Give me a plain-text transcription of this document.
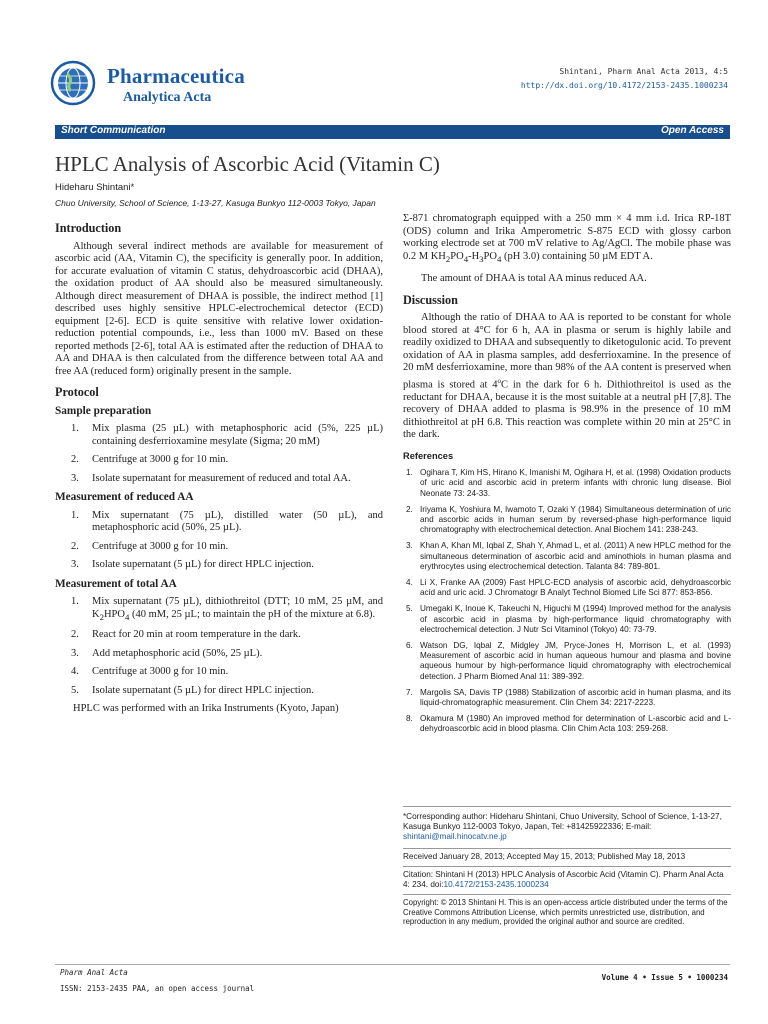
Pharmaceutica
Analytica Acta
Shintani, Pharm Anal Acta 2013, 4:5
http://dx.doi.org/10.4172/2153-2435.1000234
Short Communication	Open Access
HPLC Analysis of Ascorbic Acid (Vitamin C)
Hideharu Shintani*
Chuo University, School of Science, 1-13-27, Kasuga Bunkyo 112-0003 Tokyo, Japan
Introduction

Although several indirect methods are available for measurement of ascorbic acid (AA, Vitamin C), the specificity is generally poor. In addition, for accurate evaluation of vitamin C status, dehydroascorbic acid (DHAA), the oxidation product of AA should also be measured simultaneously. Although direct measurement of DHAA is possible, the indirect method [1] described uses highly sensitive HPLC-electrochemical detector (ECD) equipment [2-6]. ECD is quite sensitive with relative lower oxidation-reduction potential compounds, i.e., less than 1000 mV. Based on these reported methods [2-6], total AA is estimated after the reduction of DHAA to AA and DHAA is then calculated from the difference between total AA and free AA (reduced form) originally present in the sample.

Protocol
Sample preparation
1. Mix plasma (25 µL) with metaphosphoric acid (5%, 225 µL) containing desferrioxamine mesylate (Sigma; 20 mM)
2. Centrifuge at 3000 g for 10 min.
3. Isolate supernatant for measurement of reduced and total AA.
Measurement of reduced AA
1. Mix supernatant (75 µL), distilled water (50 µL), and metaphosphoric acid (50%, 25 µL).
2. Centrifuge at 3000 g for 10 min.
3. Isolate supernatant (5 µL) for direct HPLC injection.
Measurement of total AA
1. Mix supernatant (75 µL), dithiothreitol (DTT; 10 mM, 25 µM, and $K_2HPO_4$ (40 mM, 25 µL; to maintain the pH of the mixture at 6.8).
2. React for 20 min at room temperature in the dark.
3. Add metaphosphoric acid (50%, 25 µL).
4. Centrifuge at 3000 g for 10 min.
5. Isolate supernatant (5 µL) for direct HPLC injection.

HPLC was performed with an Irika Instruments (Kyoto, Japan)

Σ-871 chromatograph equipped with a 250 mm × 4 mm i.d. Irica RP-18T (ODS) column and Irika Amperometric S-875 ECD with glossy carbon working electrode set at 700 mV relative to Ag/AgCl. The mobile phase was 0.2 M $KH_2PO_4-H_3PO_4$ (pH 3.0) containing 50 µM EDT A.

The amount of DHAA is total AA minus reduced AA.

Discussion

Although the ratio of DHAA to AA is reported to be constant for whole blood stored at 4°C for 6 h, AA in plasma or serum is highly labile and readily oxidized to DHAA and subsequently to diketogulonic acid. To prevent oxidation of AA in plasma samples, add desferrioxamine. In the presence of 20 mM desferrioxamine, more than 98% of the AA content is preserved when plasma is stored at 4$^o$C in the dark for 6 h. Dithiothreitol is used as the reductant for DHAA, because it is the most suitable at a neutral pH [7,8]. The recovery of DHAA added to plasma is 98.9% in the presence of 10 mM dithiothreitol at pH 6.8. This reaction was complete within 20 min at 25°C in the dark.

References
1. Ogihara T, Kim HS, Hirano K, Imanishi M, Ogihara H, et al. (1998) Oxidation products of uric acid and ascorbic acid in preterm infants with chronic lung disease. Biol Neonate 73: 24-33.
2. Iriyama K, Yoshiura M, Iwamoto T, Ozaki Y (1984) Simultaneous determination of uric and ascorbic acids in human serum by reversed-phase high-performance liquid chromatography with electrochemical detection. Anal Biochem 141: 238-243.
3. Khan A, Khan MI, Iqbal Z, Shah Y, Ahmad L, et al. (2011) A new HPLC method for the simultaneous determination of ascorbic acid and aminothiols in human plasma and erythrocytes using electrochemical detection. Talanta 84: 789-801.
4. Li X, Franke AA (2009) Fast HPLC-ECD analysis of ascorbic acid, dehydroascorbic acid and uric acid. J Chromatogr B Analyt Technol Biomed Life Sci 877: 853-856.
5. Umegaki K, Inoue K, Takeuchi N, Higuchi M (1994) Improved method for the analysis of ascorbic acid in plasma by high-performance liquid chromatography with electrochemical detection. J Nutr Sci Vitaminol (Tokyo) 40: 73-79.
6. Watson DG, Iqbal Z, Midgley JM, Pryce-Jones H, Morrison L, et al. (1993) Measurement of ascorbic acid in human aqueous humour and plasma and bovine aqueous humour by high-performance liquid chromatography with electrochemical detection. J Pharm Biomed Anal 11: 389-392.
7. Margolis SA, Davis TP (1988) Stabilization of ascorbic acid in human plasma, and its liquid-chromatographic measurement. Clin Chem 34: 2217-2223.
8. Okamura M (1980) An improved method for determination of L-ascorbic acid and L-dehydroascorbic acid in blood plasma. Clin Chim Acta 103: 259-268.
*Corresponding author: Hideharu Shintani, Chuo University, School of Science, 1-13-27, Kasuga Bunkyo 112-0003 Tokyo, Japan, Tel: +81425922336; E-mail: shintani@mail.hinocatv.ne.jp
Received January 28, 2013; Accepted May 15, 2013; Published May 18, 2013
Citation: Shintani H (2013) HPLC Analysis of Ascorbic Acid (Vitamin C). Pharm Anal Acta 4: 234. doi:10.4172/2153-2435.1000234
Copyright: © 2013 Shintani H. This is an open-access article distributed under the terms of the Creative Commons Attribution License, which permits unrestricted use, distribution, and reproduction in any medium, provided the original author and source are credited.
Pharm Anal Acta
ISSN: 2153-2435 PAA, an open access journal
Volume 4 • Issue 5 • 1000234
